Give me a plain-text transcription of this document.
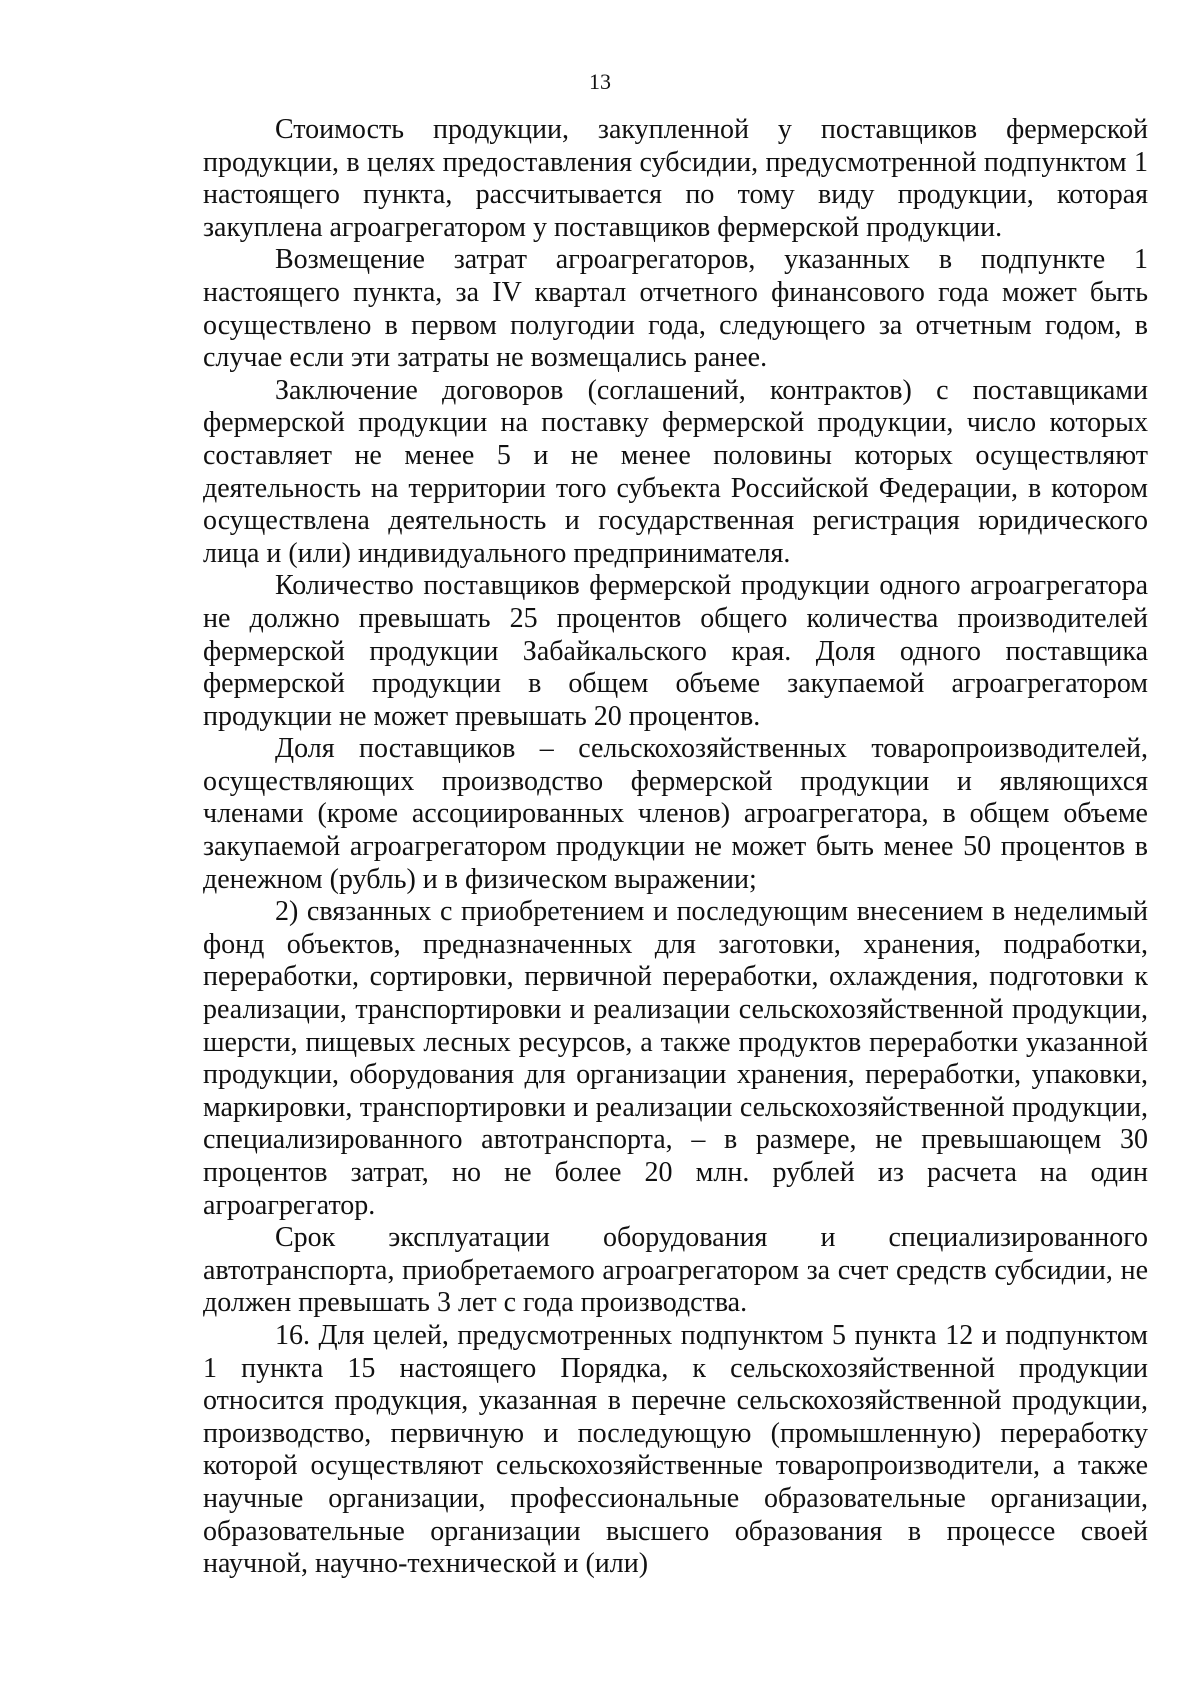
13

Стоимость продукции, закупленной у поставщиков фермерской продукции, в целях предоставления субсидии, предусмотренной подпунктом 1 настоящего пункта, рассчитывается по тому виду продукции, которая закуплена агроагрегатором у поставщиков фермерской продукции.

Возмещение затрат агроагрегаторов, указанных в подпункте 1 настоящего пункта, за IV квартал отчетного финансового года может быть осуществлено в первом полугодии года, следующего за отчетным годом, в случае если эти затраты не возмещались ранее.

Заключение договоров (соглашений, контрактов) с поставщиками фермерской продукции на поставку фермерской продукции, число которых составляет не менее 5 и не менее половины которых осуществляют деятельность на территории того субъекта Российской Федерации, в котором осуществлена деятельность и государственная регистрация юридического лица и (или) индивидуального предпринимателя.

Количество поставщиков фермерской продукции одного агроагрегатора не должно превышать 25 процентов общего количества производителей фермерской продукции Забайкальского края. Доля одного поставщика фермерской продукции в общем объеме закупаемой агроагрегатором продукции не может превышать 20 процентов.

Доля поставщиков – сельскохозяйственных товаропроизводителей, осуществляющих производство фермерской продукции и являющихся членами (кроме ассоциированных членов) агроагрегатора, в общем объеме закупаемой агроагрегатором продукции не может быть менее 50 процентов в денежном (рубль) и в физическом выражении;

2) связанных с приобретением и последующим внесением в неделимый фонд объектов, предназначенных для заготовки, хранения, подработки, переработки, сортировки, первичной переработки, охлаждения, подготовки к реализации, транспортировки и реализации сельскохозяйственной продукции, шерсти, пищевых лесных ресурсов, а также продуктов переработки указанной продукции, оборудования для организации хранения, переработки, упаковки, маркировки, транспортировки и реализации сельскохозяйственной продукции, специализированного автотранспорта, – в размере, не превышающем 30 процентов затрат, но не более 20 млн. рублей из расчета на один агроагрегатор.

Срок эксплуатации оборудования и специализированного автотранспорта, приобретаемого агроагрегатором за счет средств субсидии, не должен превышать 3 лет с года производства.

16. Для целей, предусмотренных подпунктом 5 пункта 12 и подпунктом 1 пункта 15 настоящего Порядка, к сельскохозяйственной продукции относится продукция, указанная в перечне сельскохозяйственной продукции, производство, первичную и последующую (промышленную) переработку которой осуществляют сельскохозяйственные товаропроизводители, а также научные организации, профессиональные образовательные организации, образовательные организации высшего образования в процессе своей научной, научно-технической и (или)
